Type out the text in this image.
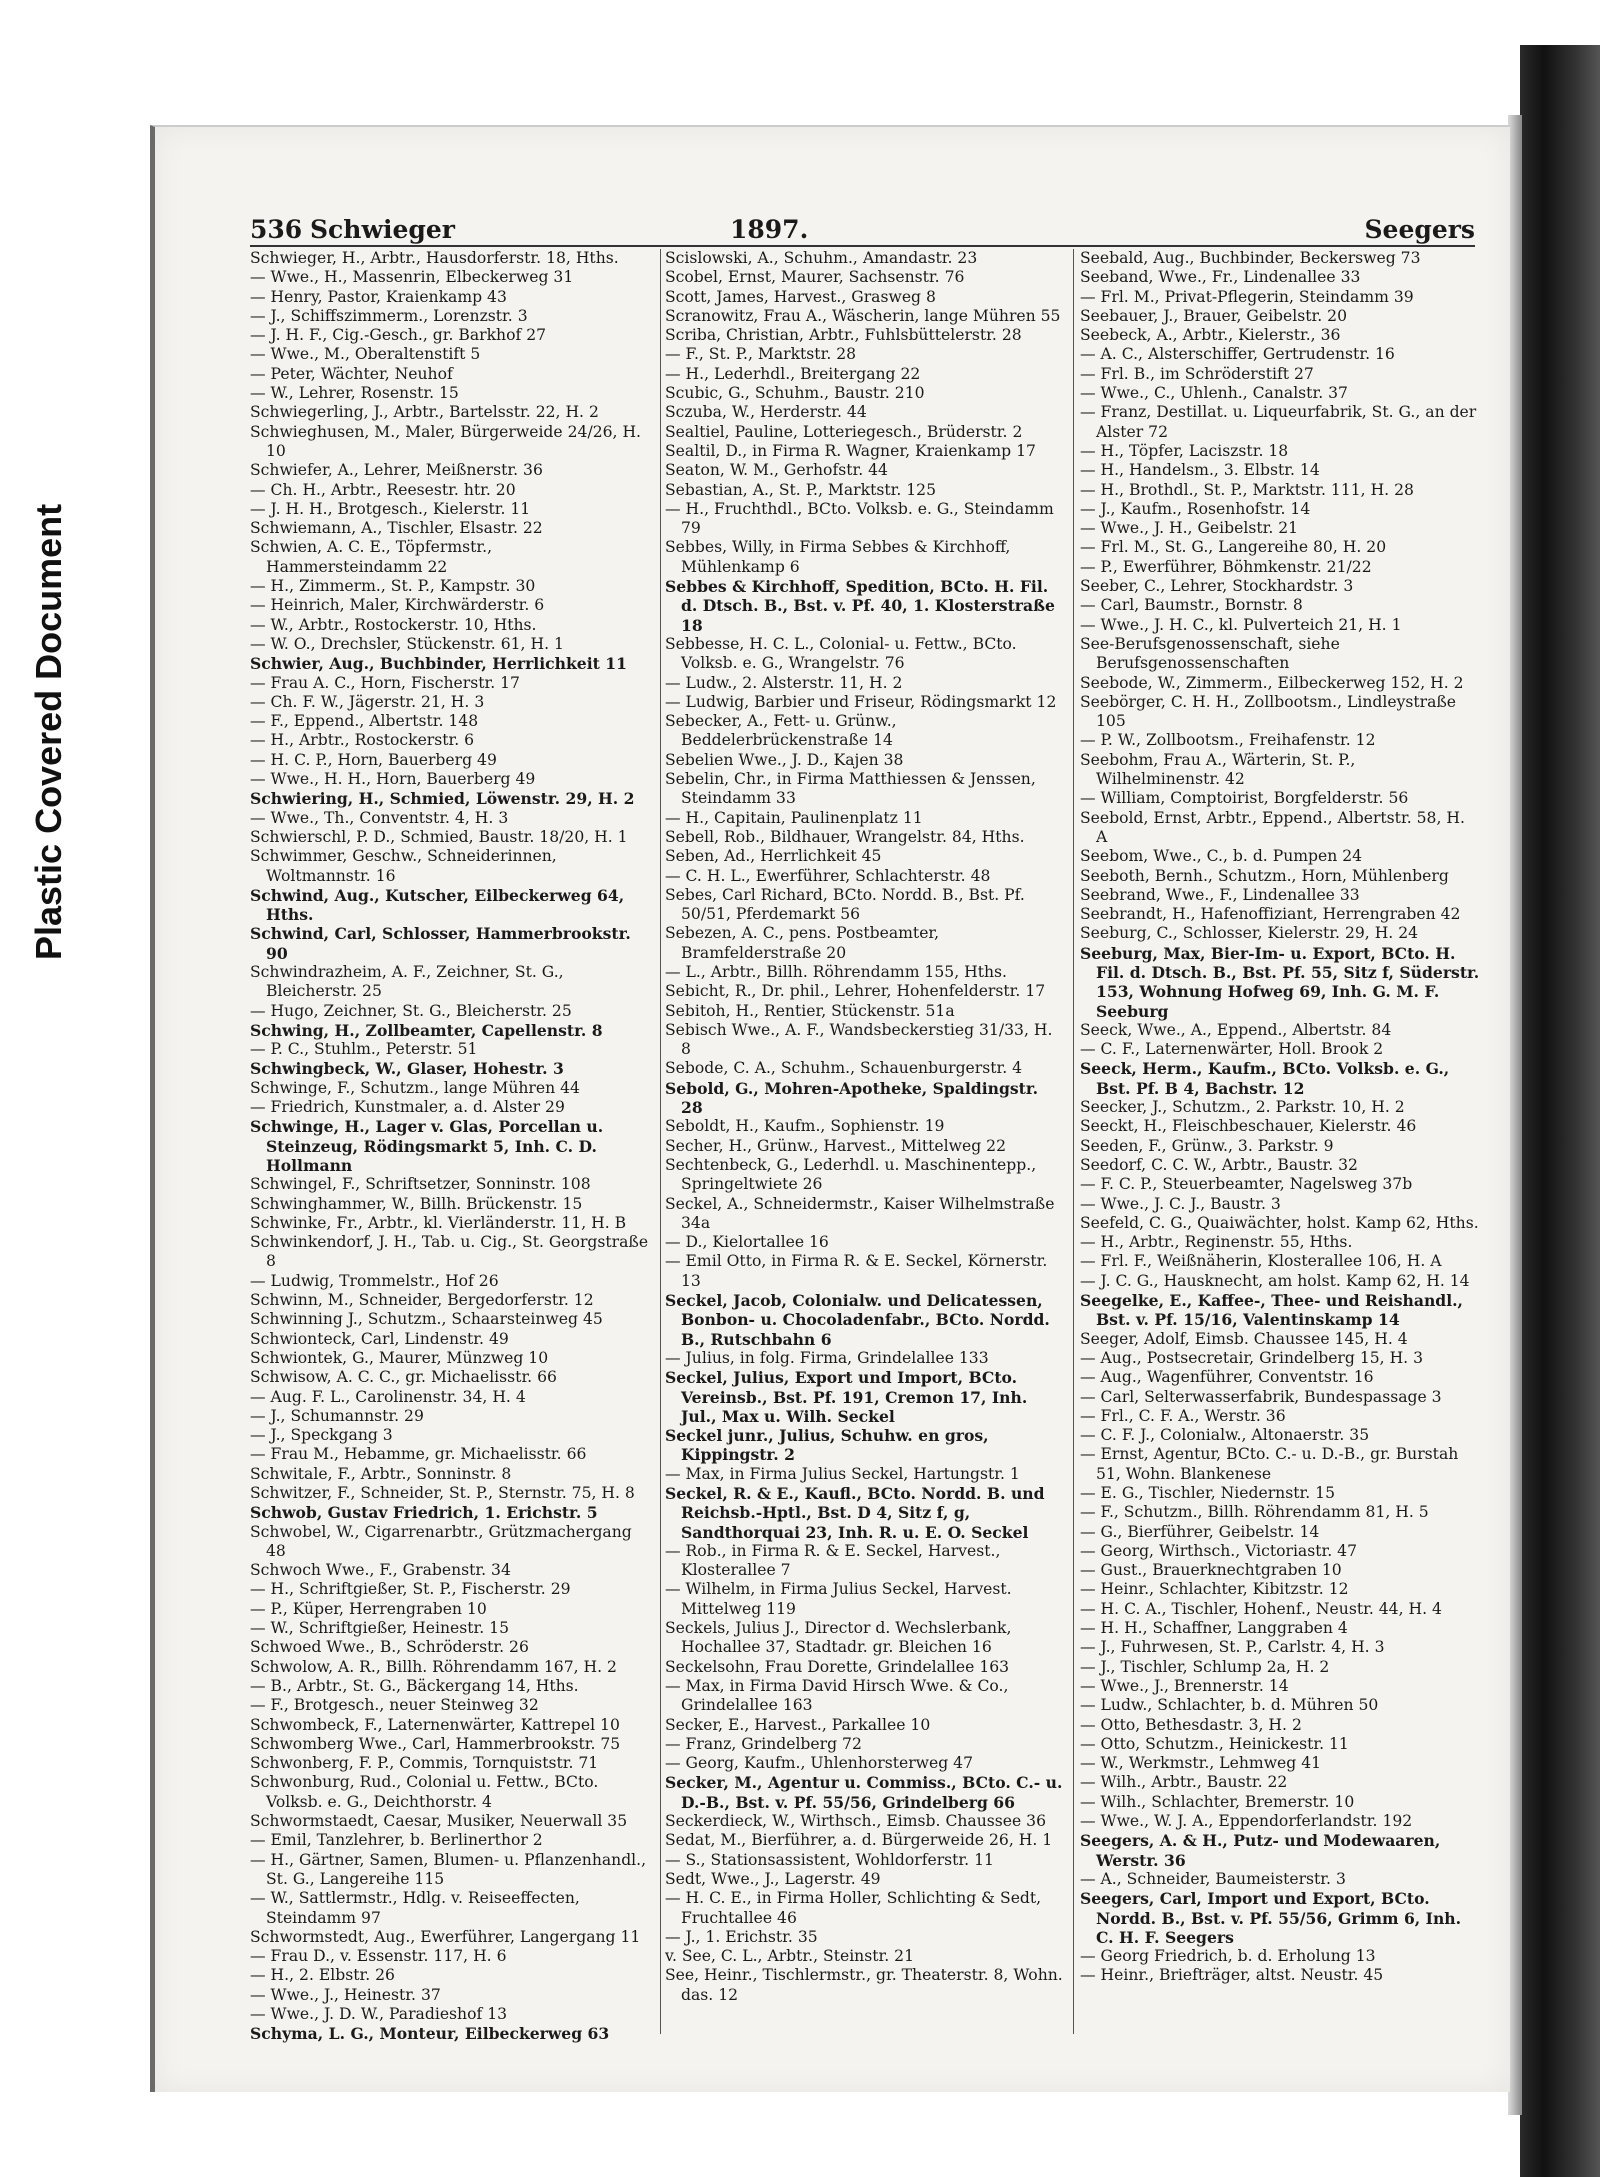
Plastic Covered Document
536 Schwieger	1897.	Seegers

Schwieger, H., Arbtr., Hausdorferstr. 18, Hths.

— Wwe., H., Massenrin, Elbeckerweg 31

— Henry, Pastor, Kraienkamp 43

— J., Schiffszimmerm., Lorenzstr. 3

— J. H. F., Cig.-Gesch., gr. Barkhof 27

— Wwe., M., Oberaltenstift 5

— Peter, Wächter, Neuhof

— W., Lehrer, Rosenstr. 15

Schwiegerling, J., Arbtr., Bartelsstr. 22, H. 2

Schwieghusen, M., Maler, Bürgerweide 24/26, H. 10

Schwiefer, A., Lehrer, Meißnerstr. 36

— Ch. H., Arbtr., Reesestr. htr. 20

— J. H. H., Brotgesch., Kielerstr. 11

Schwiemann, A., Tischler, Elsastr. 22

Schwien, A. C. E., Töpfermstr., Hammersteindamm 22

— H., Zimmerm., St. P., Kampstr. 30

— Heinrich, Maler, Kirchwärderstr. 6

— W., Arbtr., Rostockerstr. 10, Hths.

— W. O., Drechsler, Stückenstr. 61, H. 1

Schwier, Aug., Buchbinder, Herrlichkeit 11

— Frau A. C., Horn, Fischerstr. 17

— Ch. F. W., Jägerstr. 21, H. 3

— F., Eppend., Albertstr. 148

— H., Arbtr., Rostockerstr. 6

— H. C. P., Horn, Bauerberg 49

— Wwe., H. H., Horn, Bauerberg 49

Schwiering, H., Schmied, Löwenstr. 29, H. 2

— Wwe., Th., Conventstr. 4, H. 3

Schwierschl, P. D., Schmied, Baustr. 18/20, H. 1

Schwimmer, Geschw., Schneiderinnen, Woltmannstr. 16

Schwind, Aug., Kutscher, Eilbeckerweg 64, Hths.

Schwind, Carl, Schlosser, Hammerbrookstr. 90

Schwindrazheim, A. F., Zeichner, St. G., Bleicherstr. 25

— Hugo, Zeichner, St. G., Bleicherstr. 25

Schwing, H., Zollbeamter, Capellenstr. 8

— P. C., Stuhlm., Peterstr. 51

Schwingbeck, W., Glaser, Hohestr. 3

Schwinge, F., Schutzm., lange Mühren 44

— Friedrich, Kunstmaler, a. d. Alster 29

Schwinge, H., Lager v. Glas, Porcellan u. Steinzeug, Rödingsmarkt 5, Inh. C. D. Hollmann

Schwingel, F., Schriftsetzer, Sonninstr. 108

Schwinghammer, W., Billh. Brückenstr. 15

Schwinke, Fr., Arbtr., kl. Vierländerstr. 11, H. B

Schwinkendorf, J. H., Tab. u. Cig., St. Georgstraße 8

— Ludwig, Trommelstr., Hof 26

Schwinn, M., Schneider, Bergedorferstr. 12

Schwinning J., Schutzm., Schaarsteinweg 45

Schwionteck, Carl, Lindenstr. 49

Schwiontek, G., Maurer, Münzweg 10

Schwisow, A. C. C., gr. Michaelisstr. 66

— Aug. F. L., Carolinenstr. 34, H. 4

— J., Schumannstr. 29

— J., Speckgang 3

— Frau M., Hebamme, gr. Michaelisstr. 66

Schwitale, F., Arbtr., Sonninstr. 8

Schwitzer, F., Schneider, St. P., Sternstr. 75, H. 8

Schwob, Gustav Friedrich, 1. Erichstr. 5

Schwobel, W., Cigarrenarbtr., Grützmachergang 48

Schwoch Wwe., F., Grabenstr. 34

— H., Schriftgießer, St. P., Fischerstr. 29

— P., Küper, Herrengraben 10

— W., Schriftgießer, Heinestr. 15

Schwoed Wwe., B., Schröderstr. 26

Schwolow, A. R., Billh. Röhrendamm 167, H. 2

— B., Arbtr., St. G., Bäckergang 14, Hths.

— F., Brotgesch., neuer Steinweg 32

Schwombeck, F., Laternenwärter, Kattrepel 10

Schwomberg Wwe., Carl, Hammerbrookstr. 75

Schwonberg, F. P., Commis, Tornquiststr. 71

Schwonburg, Rud., Colonial u. Fettw., BCto. Volksb. e. G., Deichthorstr. 4

Schwormstaedt, Caesar, Musiker, Neuerwall 35

— Emil, Tanzlehrer, b. Berlinerthor 2

— H., Gärtner, Samen, Blumen- u. Pflanzenhandl., St. G., Langereihe 115

— W., Sattlermstr., Hdlg. v. Reiseeffecten, Steindamm 97

Schwormstedt, Aug., Ewerführer, Langergang 11

— Frau D., v. Essenstr. 117, H. 6

— H., 2. Elbstr. 26

— Wwe., J., Heinestr. 37

— Wwe., J. D. W., Paradieshof 13

Schyma, L. G., Monteur, Eilbeckerweg 63

Scislowski, A., Schuhm., Amandastr. 23

Scobel, Ernst, Maurer, Sachsenstr. 76

Scott, James, Harvest., Grasweg 8

Scranowitz, Frau A., Wäscherin, lange Mühren 55

Scriba, Christian, Arbtr., Fuhlsbüttelerstr. 28

— F., St. P., Marktstr. 28

— H., Lederhdl., Breitergang 22

Scubic, G., Schuhm., Baustr. 210

Sczuba, W., Herderstr. 44

Sealtiel, Pauline, Lotteriegesch., Brüderstr. 2

Sealtil, D., in Firma R. Wagner, Kraienkamp 17

Seaton, W. M., Gerhofstr. 44

Sebastian, A., St. P., Marktstr. 125

— H., Fruchthdl., BCto. Volksb. e. G., Steindamm 79

Sebbes, Willy, in Firma Sebbes & Kirchhoff, Mühlenkamp 6

Sebbes & Kirchhoff, Spedition, BCto. H. Fil. d. Dtsch. B., Bst. v. Pf. 40, 1. Klosterstraße 18

Sebbesse, H. C. L., Colonial- u. Fettw., BCto. Volksb. e. G., Wrangelstr. 76

— Ludw., 2. Alsterstr. 11, H. 2

— Ludwig, Barbier und Friseur, Rödingsmarkt 12

Sebecker, A., Fett- u. Grünw., Beddelerbrückenstraße 14

Sebelien Wwe., J. D., Kajen 38

Sebelin, Chr., in Firma Matthiessen & Jenssen, Steindamm 33

— H., Capitain, Paulinenplatz 11

Sebell, Rob., Bildhauer, Wrangelstr. 84, Hths.

Seben, Ad., Herrlichkeit 45

— C. H. L., Ewerführer, Schlachterstr. 48

Sebes, Carl Richard, BCto. Nordd. B., Bst. Pf. 50/51, Pferdemarkt 56

Sebezen, A. C., pens. Postbeamter, Bramfelderstraße 20

— L., Arbtr., Billh. Röhrendamm 155, Hths.

Sebicht, R., Dr. phil., Lehrer, Hohenfelderstr. 17

Sebitoh, H., Rentier, Stückenstr. 51a

Sebisch Wwe., A. F., Wandsbeckerstieg 31/33, H. 8

Sebode, C. A., Schuhm., Schauenburgerstr. 4

Sebold, G., Mohren-Apotheke, Spaldingstr. 28

Seboldt, H., Kaufm., Sophienstr. 19

Secher, H., Grünw., Harvest., Mittelweg 22

Sechtenbeck, G., Lederhdl. u. Maschinentepp., Springeltwiete 26

Seckel, A., Schneidermstr., Kaiser Wilhelmstraße 34a

— D., Kielortallee 16

— Emil Otto, in Firma R. & E. Seckel, Körnerstr. 13

Seckel, Jacob, Colonialw. und Delicatessen, Bonbon- u. Chocoladenfabr., BCto. Nordd. B., Rutschbahn 6

— Julius, in folg. Firma, Grindelallee 133

Seckel, Julius, Export und Import, BCto. Vereinsb., Bst. Pf. 191, Cremon 17, Inh. Jul., Max u. Wilh. Seckel

Seckel junr., Julius, Schuhw. en gros, Kippingstr. 2

— Max, in Firma Julius Seckel, Hartungstr. 1

Seckel, R. & E., Kaufl., BCto. Nordd. B. und Reichsb.-Hptl., Bst. D 4, Sitz f, g, Sandthorquai 23, Inh. R. u. E. O. Seckel

— Rob., in Firma R. & E. Seckel, Harvest., Klosterallee 7

— Wilhelm, in Firma Julius Seckel, Harvest. Mittelweg 119

Seckels, Julius J., Director d. Wechslerbank, Hochallee 37, Stadtadr. gr. Bleichen 16

Seckelsohn, Frau Dorette, Grindelallee 163

— Max, in Firma David Hirsch Wwe. & Co., Grindelallee 163

Secker, E., Harvest., Parkallee 10

— Franz, Grindelberg 72

— Georg, Kaufm., Uhlenhorsterweg 47

Secker, M., Agentur u. Commiss., BCto. C.- u. D.-B., Bst. v. Pf. 55/56, Grindelberg 66

Seckerdieck, W., Wirthsch., Eimsb. Chaussee 36

Sedat, M., Bierführer, a. d. Bürgerweide 26, H. 1

— S., Stationsassistent, Wohldorferstr. 11

Sedt, Wwe., J., Lagerstr. 49

— H. C. E., in Firma Holler, Schlichting & Sedt, Fruchtallee 46

— J., 1. Erichstr. 35

v. See, C. L., Arbtr., Steinstr. 21

See, Heinr., Tischlermstr., gr. Theaterstr. 8, Wohn. das. 12

Seebald, Aug., Buchbinder, Beckersweg 73

Seeband, Wwe., Fr., Lindenallee 33

— Frl. M., Privat-Pflegerin, Steindamm 39

Seebauer, J., Brauer, Geibelstr. 20

Seebeck, A., Arbtr., Kielerstr., 36

— A. C., Alsterschiffer, Gertrudenstr. 16

— Frl. B., im Schröderstift 27

— Wwe., C., Uhlenh., Canalstr. 37

— Franz, Destillat. u. Liqueurfabrik, St. G., an der Alster 72

— H., Töpfer, Laciszstr. 18

— H., Handelsm., 3. Elbstr. 14

— H., Brothdl., St. P., Marktstr. 111, H. 28

— J., Kaufm., Rosenhofstr. 14

— Wwe., J. H., Geibelstr. 21

— Frl. M., St. G., Langereihe 80, H. 20

— P., Ewerführer, Böhmkenstr. 21/22

Seeber, C., Lehrer, Stockhardstr. 3

— Carl, Baumstr., Bornstr. 8

— Wwe., J. H. C., kl. Pulverteich 21, H. 1

See-Berufsgenossenschaft, siehe Berufsgenossenschaften

Seebode, W., Zimmerm., Eilbeckerweg 152, H. 2

Seebörger, C. H. H., Zollbootsm., Lindleystraße 105

— P. W., Zollbootsm., Freihafenstr. 12

Seebohm, Frau A., Wärterin, St. P., Wilhelminenstr. 42

— William, Comptoirist, Borgfelderstr. 56

Seebold, Ernst, Arbtr., Eppend., Albertstr. 58, H. A

Seebom, Wwe., C., b. d. Pumpen 24

Seeboth, Bernh., Schutzm., Horn, Mühlenberg

Seebrand, Wwe., F., Lindenallee 33

Seebrandt, H., Hafenoffiziant, Herrengraben 42

Seeburg, C., Schlosser, Kielerstr. 29, H. 24

Seeburg, Max, Bier-Im- u. Export, BCto. H. Fil. d. Dtsch. B., Bst. Pf. 55, Sitz f, Süderstr. 153, Wohnung Hofweg 69, Inh. G. M. F. Seeburg

Seeck, Wwe., A., Eppend., Albertstr. 84

— C. F., Laternenwärter, Holl. Brook 2

Seeck, Herm., Kaufm., BCto. Volksb. e. G., Bst. Pf. B 4, Bachstr. 12

Seecker, J., Schutzm., 2. Parkstr. 10, H. 2

Seeckt, H., Fleischbeschauer, Kielerstr. 46

Seeden, F., Grünw., 3. Parkstr. 9

Seedorf, C. C. W., Arbtr., Baustr. 32

— F. C. P., Steuerbeamter, Nagelsweg 37b

— Wwe., J. C. J., Baustr. 3

Seefeld, C. G., Quaiwächter, holst. Kamp 62, Hths.

— H., Arbtr., Reginenstr. 55, Hths.

— Frl. F., Weißnäherin, Klosterallee 106, H. A

— J. C. G., Hausknecht, am holst. Kamp 62, H. 14

Seegelke, E., Kaffee-, Thee- und Reishandl., Bst. v. Pf. 15/16, Valentinskamp 14

Seeger, Adolf, Eimsb. Chaussee 145, H. 4

— Aug., Postsecretair, Grindelberg 15, H. 3

— Aug., Wagenführer, Conventstr. 16

— Carl, Selterwasserfabrik, Bundespassage 3

— Frl., C. F. A., Werstr. 36

— C. F. J., Colonialw., Altonaerstr. 35

— Ernst, Agentur, BCto. C.- u. D.-B., gr. Burstah 51, Wohn. Blankenese

— E. G., Tischler, Niedernstr. 15

— F., Schutzm., Billh. Röhrendamm 81, H. 5

— G., Bierführer, Geibelstr. 14

— Georg, Wirthsch., Victoriastr. 47

— Gust., Brauerknechtgraben 10

— Heinr., Schlachter, Kibitzstr. 12

— H. C. A., Tischler, Hohenf., Neustr. 44, H. 4

— H. H., Schaffner, Langgraben 4

— J., Fuhrwesen, St. P., Carlstr. 4, H. 3

— J., Tischler, Schlump 2a, H. 2

— Wwe., J., Brennerstr. 14

— Ludw., Schlachter, b. d. Mühren 50

— Otto, Bethesdastr. 3, H. 2

— Otto, Schutzm., Heinickestr. 11

— W., Werkmstr., Lehmweg 41

— Wilh., Arbtr., Baustr. 22

— Wilh., Schlachter, Bremerstr. 10

— Wwe., W. J. A., Eppendorferlandstr. 192

Seegers, A. & H., Putz- und Modewaaren, Werstr. 36

— A., Schneider, Baumeisterstr. 3

Seegers, Carl, Import und Export, BCto. Nordd. B., Bst. v. Pf. 55/56, Grimm 6, Inh. C. H. F. Seegers

— Georg Friedrich, b. d. Erholung 13

— Heinr., Briefträger, altst. Neustr. 45
